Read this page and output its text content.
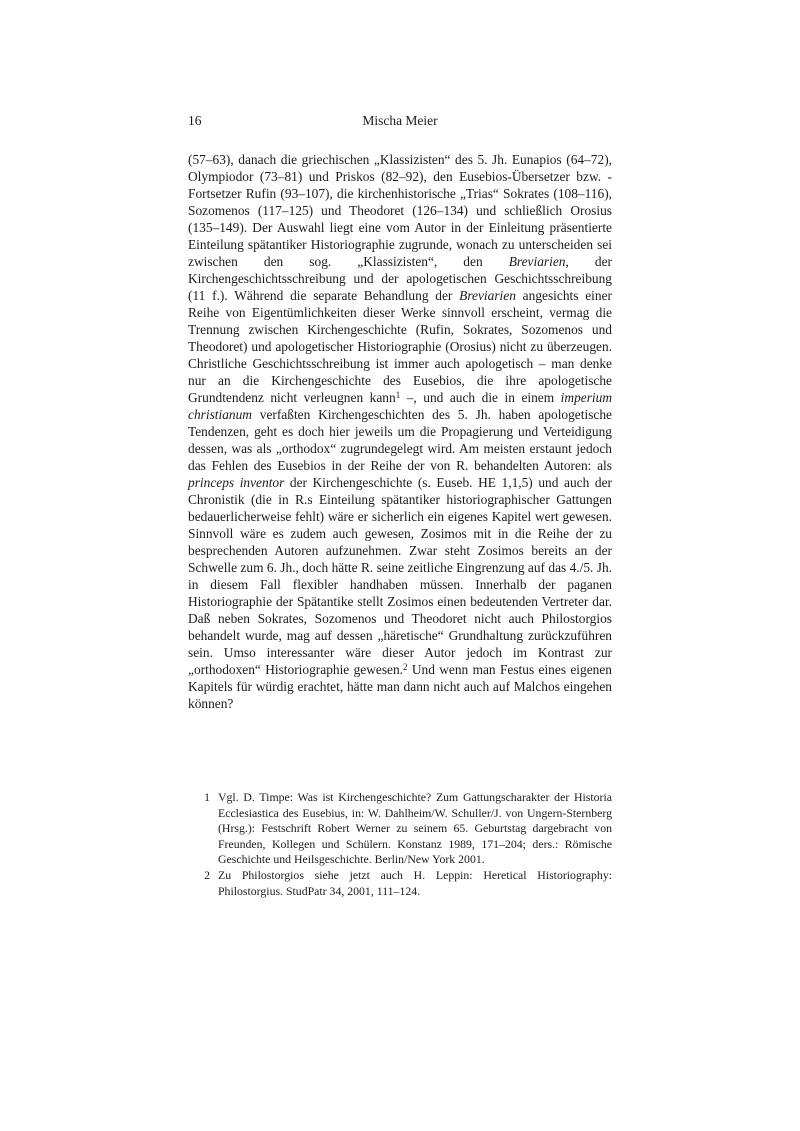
16	Mischa Meier

(57–63), danach die griechischen „Klassizisten“ des 5. Jh. Eunapios (64–72), Olympiodor (73–81) und Priskos (82–92), den Eusebios-Übersetzer bzw. -Fortsetzer Rufin (93–107), die kirchenhistorische „Trias“ Sokrates (108–116), Sozomenos (117–125) und Theodoret (126–134) und schließlich Orosius (135–149). Der Auswahl liegt eine vom Autor in der Einleitung präsentierte Einteilung spätantiker Historiographie zugrunde, wonach zu unterscheiden sei zwischen den sog. „Klassizisten“, den Breviarien, der Kirchengeschichtsschreibung und der apologetischen Geschichtsschreibung (11 f.). Während die separate Behandlung der Breviarien angesichts einer Reihe von Eigentümlichkeiten dieser Werke sinnvoll erscheint, vermag die Trennung zwischen Kirchengeschichte (Rufin, Sokrates, Sozomenos und Theodoret) und apologetischer Historiographie (Orosius) nicht zu überzeugen. Christliche Geschichtsschreibung ist immer auch apologetisch – man denke nur an die Kirchengeschichte des Eusebios, die ihre apologetische Grundtendenz nicht verleugnen kann$^1$ –, und auch die in einem imperium christianum verfaßten Kirchengeschichten des 5. Jh. haben apologetische Tendenzen, geht es doch hier jeweils um die Propagierung und Verteidigung dessen, was als „orthodox“ zugrundegelegt wird. Am meisten erstaunt jedoch das Fehlen des Eusebios in der Reihe der von R. behandelten Autoren: als princeps inventor der Kirchengeschichte (s. Euseb. HE 1,1,5) und auch der Chronistik (die in R.s Einteilung spätantiker historiographischer Gattungen bedauerlicherweise fehlt) wäre er sicherlich ein eigenes Kapitel wert gewesen. Sinnvoll wäre es zudem auch gewesen, Zosimos mit in die Reihe der zu besprechenden Autoren aufzunehmen. Zwar steht Zosimos bereits an der Schwelle zum 6. Jh., doch hätte R. seine zeitliche Eingrenzung auf das 4./5. Jh. in diesem Fall flexibler handhaben müssen. Innerhalb der paganen Historiographie der Spätantike stellt Zosimos einen bedeutenden Vertreter dar. Daß neben Sokrates, Sozomenos und Theodoret nicht auch Philostorgios behandelt wurde, mag auf dessen „häretische“ Grundhaltung zurückzuführen sein. Umso interessanter wäre dieser Autor jedoch im Kontrast zur „orthodoxen“ Historiographie gewesen.$^2$ Und wenn man Festus eines eigenen Kapitels für würdig erachtet, hätte man dann nicht auch auf Malchos eingehen können?

1 Vgl. D. Timpe: Was ist Kirchengeschichte? Zum Gattungscharakter der Historia Ecclesiastica des Eusebius, in: W. Dahlheim/W. Schuller/J. von Ungern-Sternberg (Hrsg.): Festschrift Robert Werner zu seinem 65. Geburtstag dargebracht von Freunden, Kollegen und Schülern. Konstanz 1989, 171–204; ders.: Römische Geschichte und Heilsgeschichte. Berlin/New York 2001.
2 Zu Philostorgios siehe jetzt auch H. Leppin: Heretical Historiography: Philostorgius. StudPatr 34, 2001, 111–124.
